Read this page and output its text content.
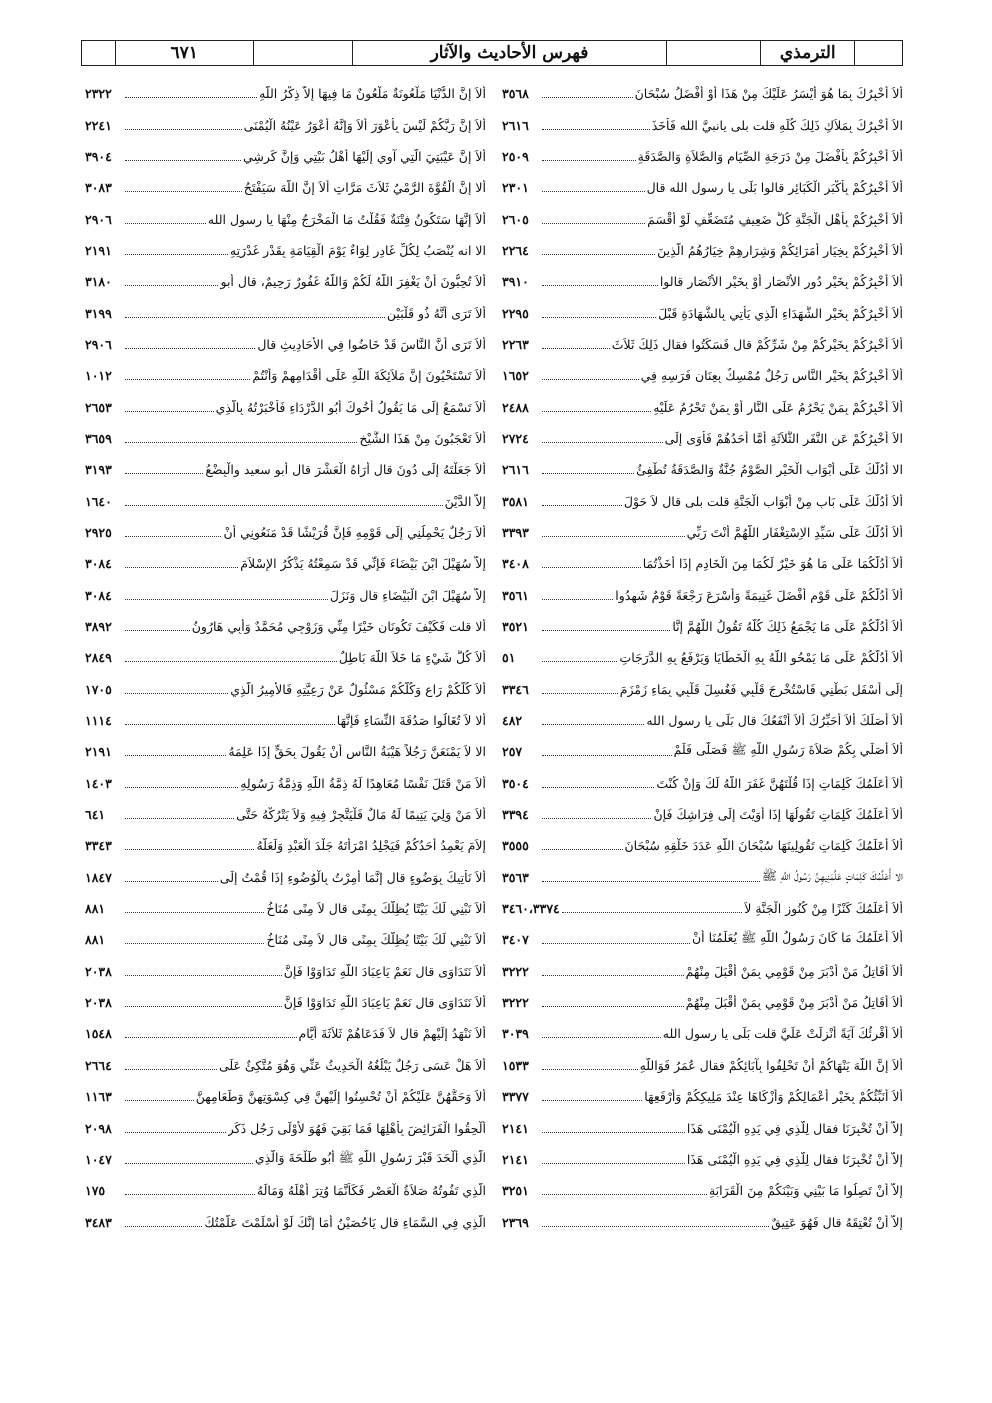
٦٧١	فهرس الأحاديث والآثار	الترمذي
أَلاَ إِنَّ الدُّنْيَا مَلْعُونَةٌ مَلْعُونٌ مَا فِيهَا إِلاَّ ذِكْرُ اللَّهِ
٢٣٢٢
أَلاَ إِنَّ رَبَّكُمْ لَيْسَ بِأَعْوَرَ أَلاَ وَإِنَّهُ أَعْوَرُ عَيْنُهُ الْيُمْنَى
٢٢٤١
أَلاَ إِنَّ عَيْبَتِيَ الَّتِي آوِي إِلَيْهَا أَهْلُ بَيْتِي وَإِنَّ كَرِشِي
٣٩٠٤
ألا إِنَّ الْقُوَّةَ الرَّمْيُ ثَلاَثَ مَرَّاتٍ أَلاَ إِنَّ اللَّهَ سَيَفْتَحُ
٣٠٨٣
أَلاَ إِنَّهَا سَتَكُونُ فِتْنَةٌ فَقُلْتُ مَا الْمَخْرَجُ مِنْهَا يا رسول الله
٢٩٠٦
الا انه يُنْصَبُ لِكُلِّ غَادِرٍ لِوَاءٌ يَوْمَ الْقِيَامَةِ بِقَدْرِ غَدْرَتِهِ
٢١٩١
أَلاَ تُحِبُّونَ أَنْ يَغْفِرَ اللَّهُ لَكُمْ وَاللَّهُ غَفُورٌ رَحِيمٌ، قال أبو
٣١٨٠
أَلاَ تَرَى أَنَّهُ ذُو قَلْبَيْنِ
٣١٩٩
أَلاَ تَرَى أَنَّ النَّاسَ قَدْ خَاضُوا فِي الأَحَادِيثِ قال
٢٩٠٦
أَلاَ تَسْتَحْيُونَ إِنَّ مَلاَئِكَةَ اللَّهِ عَلَى أَقْدَامِهِمْ وَأَنْتُمْ
١٠١٢
أَلاَ تَسْمَعُ إِلَى مَا يَقُولُ أَخُوكَ أَبُو الدَّرْدَاءِ فَأَخْبَرْتُهُ بِالَّذِي
٢٦٥٣
أَلاَ تَعْجَبُونَ مِنْ هَذَا الشَّيْخِ
٣٦٥٩
أَلاَ جَعَلْتَهُ إِلَى دُونَ قال أَرَاهُ الْعَشْرَ قال أبو سعيد والْبِضْعُ
٣١٩٣
إِلاَّ الدَّيْنَ
١٦٤٠
أَلاَ رَجُلٌ يَحْمِلُنِي إِلَى قَوْمِهِ فَإِنَّ قُرَيْشًا قَدْ مَنَعُونِي أَنْ
٢٩٢٥
إِلاَّ سُهَيْلَ ابْنَ بَيْضَاءَ فَإِنِّي قَدْ سَمِعْتُهُ يَذْكُرُ الإِسْلاَمَ
٣٠٨٤
إِلاَّ سُهَيْلَ ابْنَ الْبَيْضَاءِ قال وَنَزَلَ
٣٠٨٤
ألا قلت فَكَيْفَ تَكُونَانِ خَيْرًا مِنِّي وَزَوْجِي مُحَمَّدٌ وَأَبِي هَارُونُ
٣٨٩٢
أَلاَ كُلُّ شَيْءٍ مَا خَلاَ اللَّهَ بَاطِلٌ
٢٨٤٩
أَلاَ كُلُّكُمْ رَاعٍ وَكُلُّكُمْ مَسْئُولٌ عَنْ رَعِيَّتِهِ فَالأَمِيرُ الَّذِي
١٧٠٥
ألا لاَ تُغَالُوا صَدُقَةَ النِّسَاءِ فَإِنَّهَا
١١١٤
الا لاَ يَمْنَعَنَّ رَجُلاً هَيْبَةُ النَّاسِ أَنْ يَقُولَ بِحَقٍّ إِذَا عَلِمَهُ
٢١٩١
أَلاَ مَنْ قَتَلَ نَفْسًا مُعَاهِدًا لَهُ ذِمَّةُ اللَّهِ وَذِمَّةُ رَسُولِهِ
١٤٠٣
أَلاَ مَنْ وَلِيَ يَتِيمًا لَهُ مَالٌ فَلْيَتَّجِرْ فِيهِ وَلاَ يَتْرُكْهُ حَتَّى
٦٤١
إِلاَمَ يَعْمِدُ أَحَدُكُمْ فَيَجْلِدُ امْرَأَتَهُ جَلْدَ الْعَبْدِ وَلَعَلَّهُ
٣٣٤٣
أَلاَ نَأْتِيكَ بِوَضُوءٍ قال إِنَّمَا أُمِرْتُ بِالْوُضُوءِ إِذَا قُمْتُ إِلَى
١٨٤٧
أَلاَ نَبْنِي لَكَ بَيْتًا يُظِلُّكَ بِمِنًى قال لاَ مِنًى مُنَاخُ
٨٨١
أَلاَ نَبْنِي لَكَ بَيْتًا يُظِلُّكَ بِمِنًى قال لاَ مِنًى مُنَاخُ
٨٨١
أَلاَ نَتَدَاوَى قال نَعَمْ يَاعِبَادَ اللَّهِ تَدَاوَوْا فَإِنَّ
٢٠٣٨
أَلاَ نَتَدَاوَى قال نَعَمْ يَاعِبَادَ اللَّهِ تَدَاوَوْا فَإِنَّ
٢٠٣٨
أَلاَ نَنْهَدُ إِلَيْهِمْ قال لاَ فَدَعَاهُمْ ثَلاَثَةَ أَيَّامٍ
١٥٤٨
أَلاَ هَلْ عَسَى رَجُلٌ يَبْلُغُهُ الْحَدِيثُ عَنِّي وَهُوَ مُتَّكِئٌ عَلَى
٢٦٦٤
أَلاَ وَحَقُّهُنَّ عَلَيْكُمْ أَنْ تُحْسِنُوا إِلَيْهِنَّ فِي كِسْوَتِهِنَّ وَطَعَامِهِنَّ
١١٦٣
أَلْحِقُوا الْفَرَائِضَ بِأَهْلِهَا فَمَا بَقِيَ فَهُوَ لأَوْلَى رَجُلٍ ذَكَرٍ
٢٠٩٨
الَّذِي أَلْحَدَ قَبْرَ رَسُولِ اللَّهِ ﷺ أَبُو طَلْحَةَ وَالَّذِي
١٠٤٧
الَّذِي تَفُوتُهُ صَلاَةُ الْعَصْرِ فَكَأَنَّمَا وُتِرَ أَهْلَهُ وَمَالَهُ
١٧٥
الَّذِي فِي السَّمَاءِ قال يَاحُصَيْنُ أَمَا إِنَّكَ لَوْ أَسْلَمْتَ عَلَّمْتُكَ
٣٤٨٣
ألاَ أُخْبِرُكَ بِمَا هُوَ أَيْسَرُ عَلَيْكَ مِنْ هَذَا أَوْ أَفْضَلُ سُبْحَانَ
٣٥٦٨
الاَ أُخْبِرُكَ بِمَلاَكِ ذَلِكَ كُلِّهِ قلت بلى يانبيَّ الله فَأَخَذَ
٢٦١٦
أَلاَ أُخْبِرُكُمْ بِأَفْضَلَ مِنْ دَرَجَةِ الصِّيَامِ وَالصَّلاَةِ وَالصَّدَقَةِ
٢٥٠٩
أَلاَ أُخْبِرُكُمْ بِأَكْبَرِ الْكَبَائِرِ قالوا بَلَى يا رسول الله قال
٢٣٠١
أَلاَ أُخْبِرُكُمْ بِأَهْلِ الْجَنَّةِ كُلُّ ضَعِيفٍ مُتَضَعِّفٍ لَوْ أَقْسَمَ
٢٦٠٥
أَلاَ أُخْبِرُكُمْ بِخِيَارِ أُمَرَائِكُمْ وَشِرَارِهِمْ خِيَارُهُمُ الَّذِينَ
٢٢٦٤
أَلاَ أُخْبِرُكُمْ بِخَيْرِ دُورِ الأَنْصَارِ أَوْ بِخَيْرِ الأَنْصَارِ قالوا
٣٩١٠
أَلاَ أُخْبِرُكُمْ بِخَيْرِ الشُّهَدَاءِ الَّذِي يَأْتِي بِالشَّهَادَةِ قَبْلَ
٢٢٩٥
أَلاَ أُخْبِرُكُمْ بِخَيْرِكُمْ مِنْ شَرِّكُمْ قال فَسَكَتُوا فقال ذَلِكَ ثَلاَثَ
٢٢٦٣
أَلاَ أُخْبِرُكُمْ بِخَيْرِ النَّاسِ رَجُلٌ مُمْسِكٌ بِعِنَانِ فَرَسِهِ فِي
١٦٥٢
أَلاَ أُخْبِرُكُمْ بِمَنْ يَحْرُمُ عَلَى النَّارِ أَوْ بِمَنْ تَحْرُمُ عَلَيْهِ
٢٤٨٨
الاَ أُخْبِرُكُمْ عَنِ النَّفَرِ الثَّلاَثَةِ أَمَّا أَحَدُهُمْ فَأَوَى إِلَى
٢٧٢٤
الا أَدُلُّكَ عَلَى أَبْوَابِ الْخَيْرِ الصَّوْمُ جُنَّةٌ وَالصَّدَقَةُ تُطْفِئُ
٢٦١٦
أَلاَ أَدُلُّكَ عَلَى بَابٍ مِنْ أَبْوَابِ الْجَنَّةِ قلت بلى قال لاَ حَوْلَ
٣٥٨١
أَلاَ أَدُلُّكَ عَلَى سَيِّدِ الاِسْتِغْفَارِ اللَّهُمَّ أَنْتَ رَبِّي
٣٣٩٣
أَلاَ أَدُلُّكُمَا عَلَى مَا هُوَ خَيْرٌ لَكُمَا مِنَ الْخَادِمِ إِذَا أَخَذْتُمَا
٣٤٠٨
أَلاَ أَدُلُّكُمْ عَلَى قَوْمٍ أَفْضَلَ غَنِيمَةً وَأَسْرَعَ رَجْعَةً قَوْمٌ شَهِدُوا
٣٥٦١
أَلاَ أَدُلُّكُمْ عَلَى مَا يَجْمَعُ ذَلِكَ كُلَّهُ تَقُولُ اللَّهُمَّ إِنَّا
٣٥٢١
أَلاَ أَدُلُّكُمْ عَلَى مَا يَمْحُو اللَّهُ بِهِ الْخَطَايَا وَيَرْفَعُ بِهِ الدَّرَجَاتِ
٥١
إِلَى أَسْفَلِ بَطْنِي فَاسْتُخْرِجَ قَلْبِي فَغُسِلَ قَلْبِي بِمَاءِ زَمْزَمَ
٣٣٤٦
أَلاَ أُصَلِّكَ أَلاَ أُحَبِّرُكَ أَلاَ أَنْفَعُكَ قال بَلَى يا رسول الله
٤٨٢
أَلاَ أُصَلِّي بِكُمْ صَلاَةَ رَسُولِ اللَّهِ ﷺ فَصَلَّى فَلَمْ
٢٥٧
أَلاَ أُعَلِّمُكَ كَلِمَاتٍ إِذَا قُلْتَهُنَّ غَفَرَ اللَّهُ لَكَ وَإِنْ كُنْتَ
٣٥٠٤
أَلاَ أُعَلِّمُكَ كَلِمَاتٍ تَقُولُهَا إِذَا أَوَيْتَ إِلَى فِرَاشِكَ فَإِنْ
٣٣٩٤
أَلاَ أُعَلِّمُكَ كَلِمَاتٍ تَقُولِينَهَا سُبْحَانَ اللَّهِ عَدَدَ خَلْقِهِ سُبْحَانَ
٣٥٥٥
الا أُعَلِّمُكَ كَلِمَاتٍ عَلَّمَنِيهِنَّ رَسُولُ اللَّهِ ﷺ
٣٥٦٣
أَلاَ أُعَلِّمُكَ كَنْزًا مِنْ كُنُوزِ الْجَنَّةِ لاَ
٣٤٦٠،٣٣٧٤
أَلاَ أُعَلِّمُكَ مَا كَانَ رَسُولُ اللَّهِ ﷺ يُعَلِّمُنَا أَنْ
٣٤٠٧
أَلاَ أُقَاتِلُ مَنْ أَدْبَرَ مِنْ قَوْمِي بِمَنْ أَقْبَلَ مِنْهُمْ
٣٢٢٢
أَلاَ أُقَاتِلُ مَنْ أَدْبَرَ مِنْ قَوْمِي بِمَنْ أَقْبَلَ مِنْهُمْ
٣٢٢٢
أَلاَ أُقْرِئُكَ آيَةً أُنْزِلَتْ عَلَيَّ قلت بَلَى يا رسول الله
٣٠٣٩
أَلاَ إِنَّ اللَّهَ يَنْهَاكُمْ أَنْ تَحْلِفُوا بِآبَائِكُمْ فقال عُمَرُ فَوَاللَّهِ
١٥٣٣
أَلاَ أُنَبِّئُكُمْ بِخَيْرِ أَعْمَالِكُمْ وَأَزْكَاهَا عِنْدَ مَلِيكِكُمْ وَأَرْفَعِهَا
٣٣٧٧
إِلاَّ أَنْ تُخْبِرَنَا فقال لِلَّذِي فِي يَدِهِ الْيُمْنَى هَذَا
٢١٤١
إِلاَّ أَنْ تُخْبِرَنَا فقال لِلَّذِي فِي يَدِهِ الْيُمْنَى هَذَا
٢١٤١
إِلاَّ أَنْ تَصِلُوا مَا بَيْنِي وَبَيْنَكُمْ مِنَ الْقَرَابَةِ
٣٢٥١
إِلاَّ أَنْ تُعْتِقَهُ قال فَهُوَ عَتِيقٌ
٢٣٦٩
